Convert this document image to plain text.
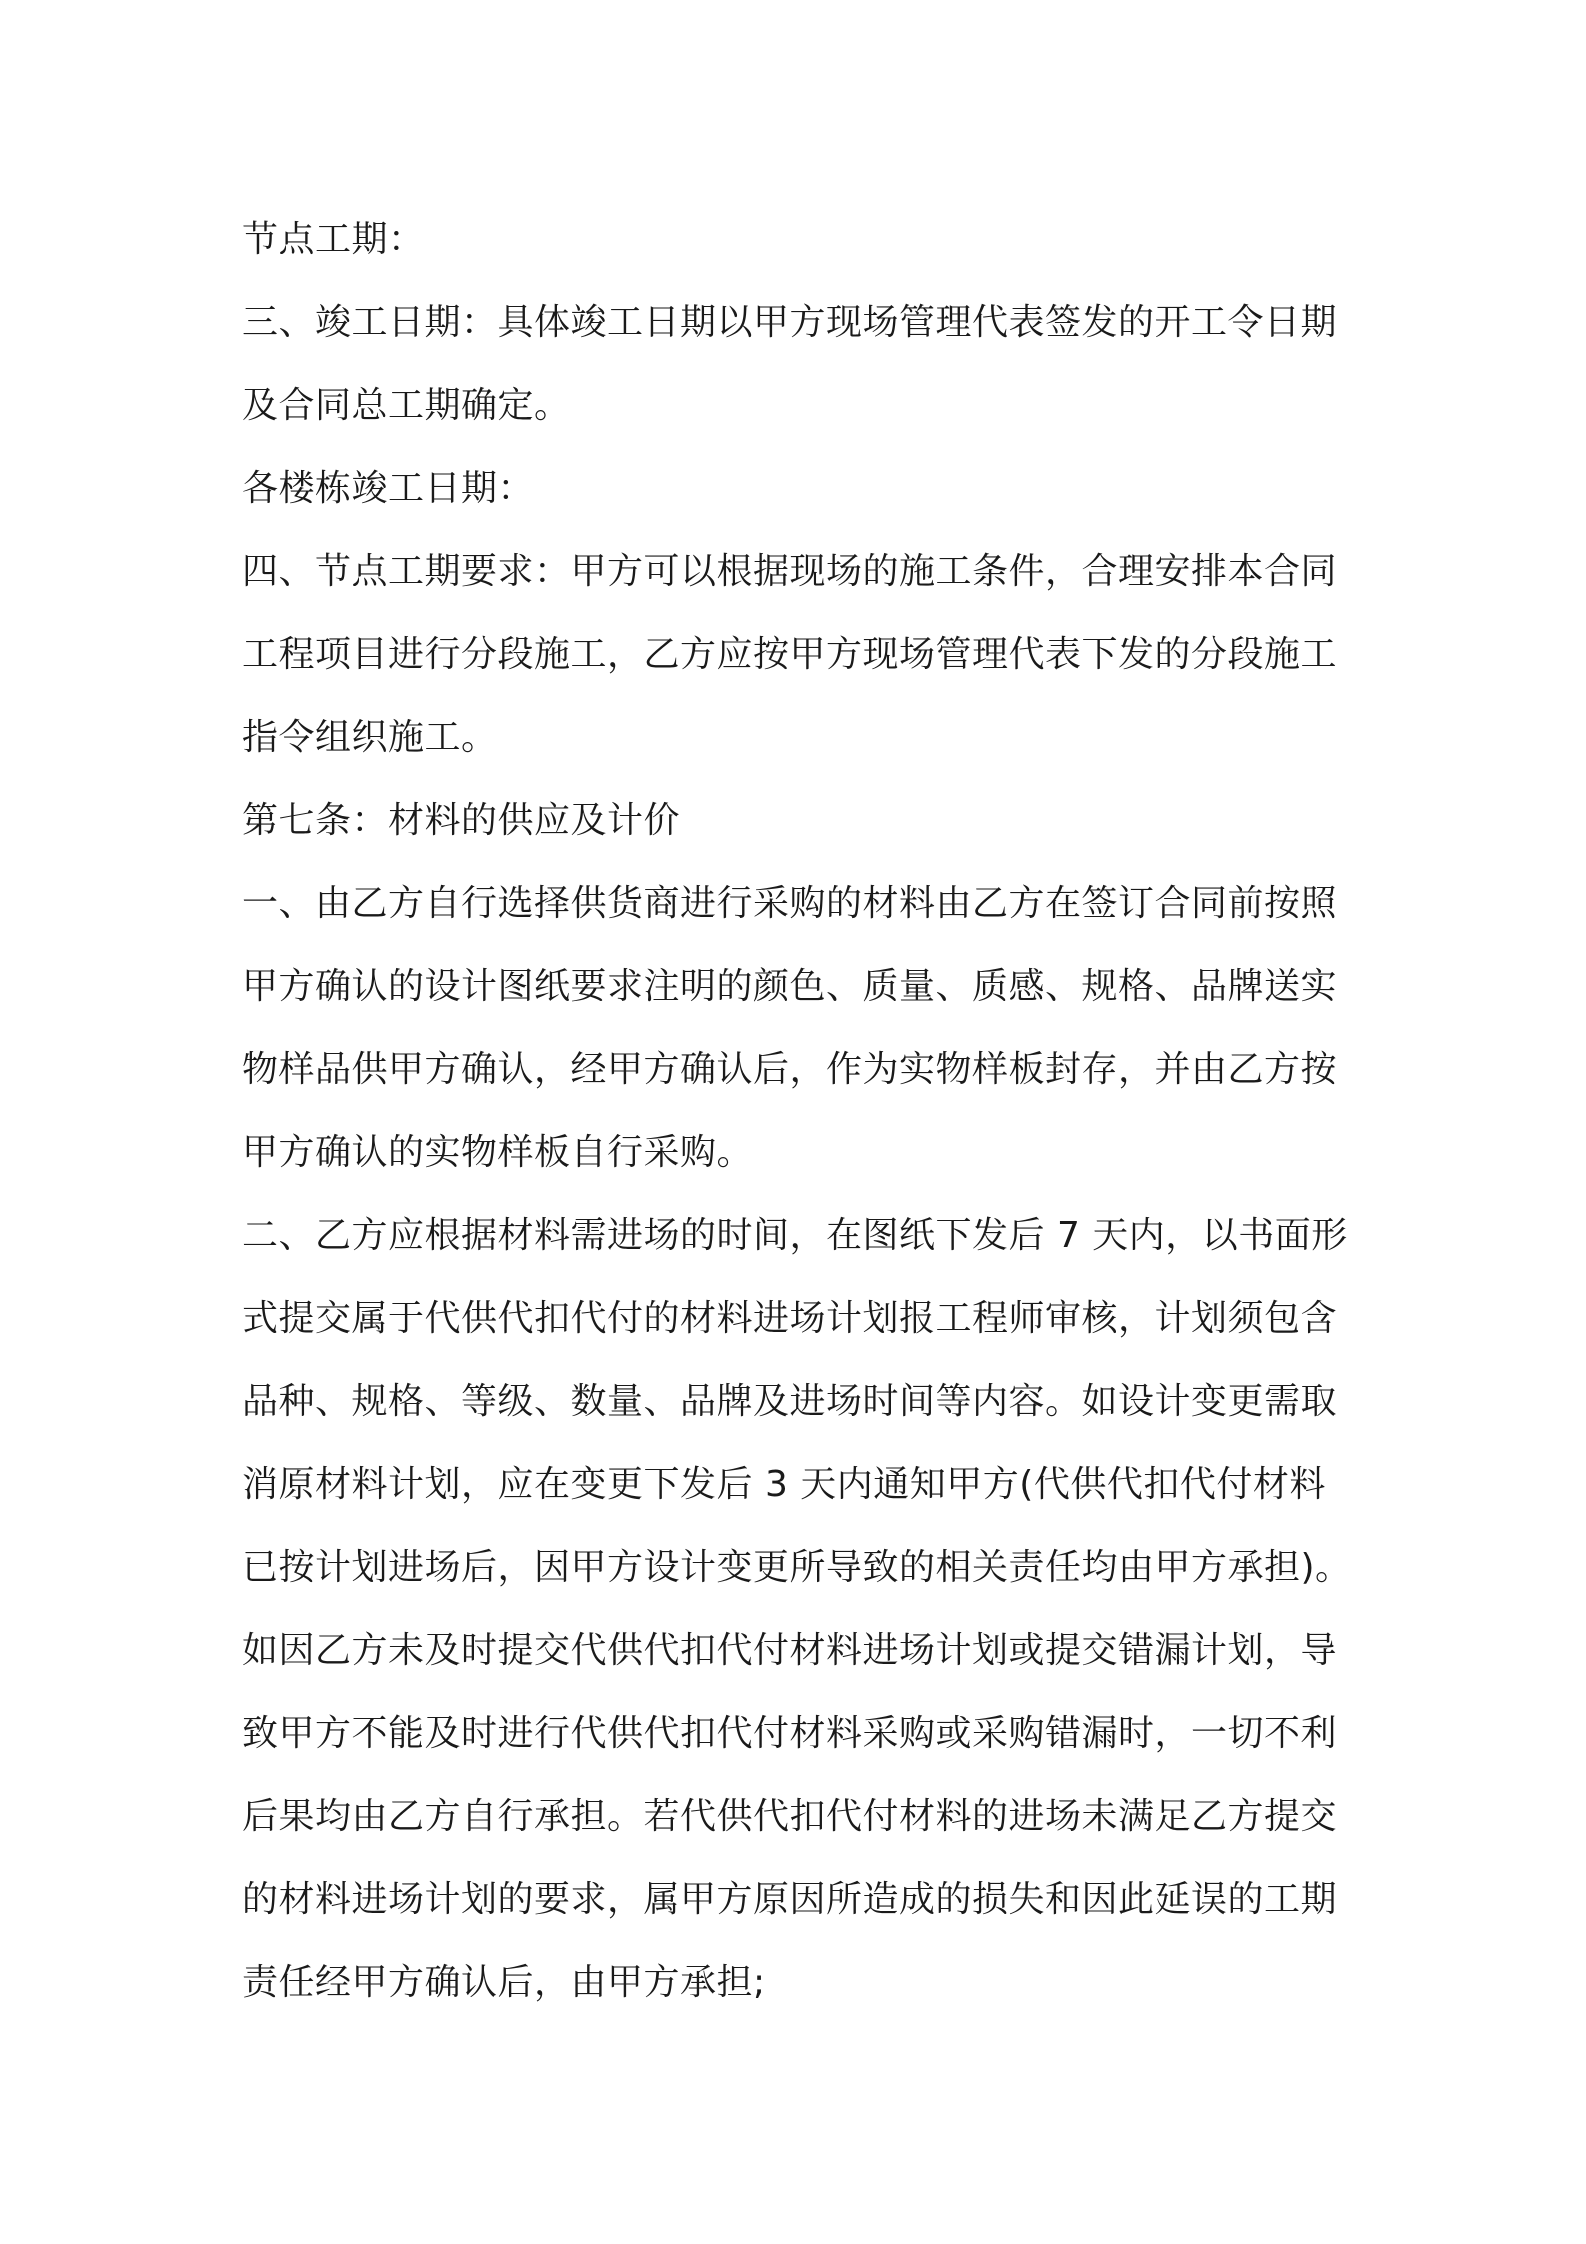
节点工期：
三、竣工日期：具体竣工日期以甲方现场管理代表签发的开工令日期
及合同总工期确定。
各楼栋竣工日期：
四、节点工期要求：甲方可以根据现场的施工条件，合理安排本合同
工程项目进行分段施工，乙方应按甲方现场管理代表下发的分段施工
指令组织施工。
第七条：材料的供应及计价
一、由乙方自行选择供货商进行采购的材料由乙方在签订合同前按照
甲方确认的设计图纸要求注明的颜色、质量、质感、规格、品牌送实
物样品供甲方确认，经甲方确认后，作为实物样板封存，并由乙方按
甲方确认的实物样板自行采购。
二、乙方应根据材料需进场的时间，在图纸下发后 7 天内，以书面形
式提交属于代供代扣代付的材料进场计划报工程师审核，计划须包含
品种、规格、等级、数量、品牌及进场时间等内容。如设计变更需取
消原材料计划，应在变更下发后 3 天内通知甲方(代供代扣代付材料
已按计划进场后，因甲方设计变更所导致的相关责任均由甲方承担)。
如因乙方未及时提交代供代扣代付材料进场计划或提交错漏计划，导
致甲方不能及时进行代供代扣代付材料采购或采购错漏时，一切不利
后果均由乙方自行承担。若代供代扣代付材料的进场未满足乙方提交
的材料进场计划的要求，属甲方原因所造成的损失和因此延误的工期
责任经甲方确认后，由甲方承担;
